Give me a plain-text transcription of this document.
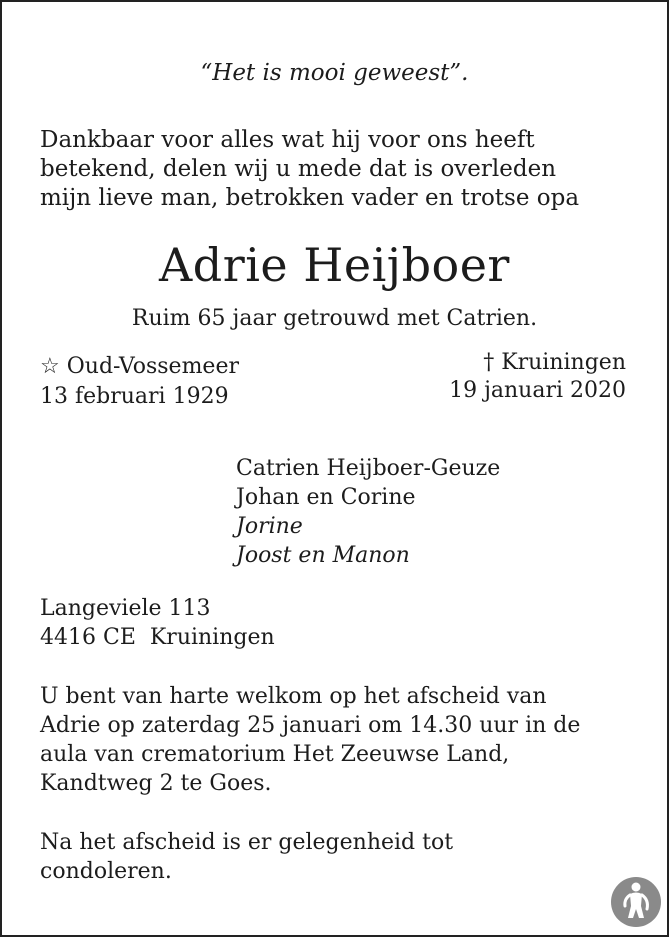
“Het is mooi geweest”.
Dankbaar voor alles wat hij voor ons heeft
betekend, delen wij u mede dat is overleden
mijn lieve man, betrokken vader en trotse opa
Adrie Heijboer
Ruim 65 jaar getrouwd met Catrien.
☆ Oud-Vossemeer
13 februari 1929
† Kruiningen
19 januari 2020
Catrien Heijboer-Geuze
Johan en Corine
Jorine
Joost en Manon
Langeviele 113
4416 CE  Kruiningen
U bent van harte welkom op het afscheid van
Adrie op zaterdag 25 januari om 14.30 uur in de
aula van crematorium Het Zeeuwse Land,
Kandtweg 2 te Goes.
Na het afscheid is er gelegenheid tot
condoleren.
